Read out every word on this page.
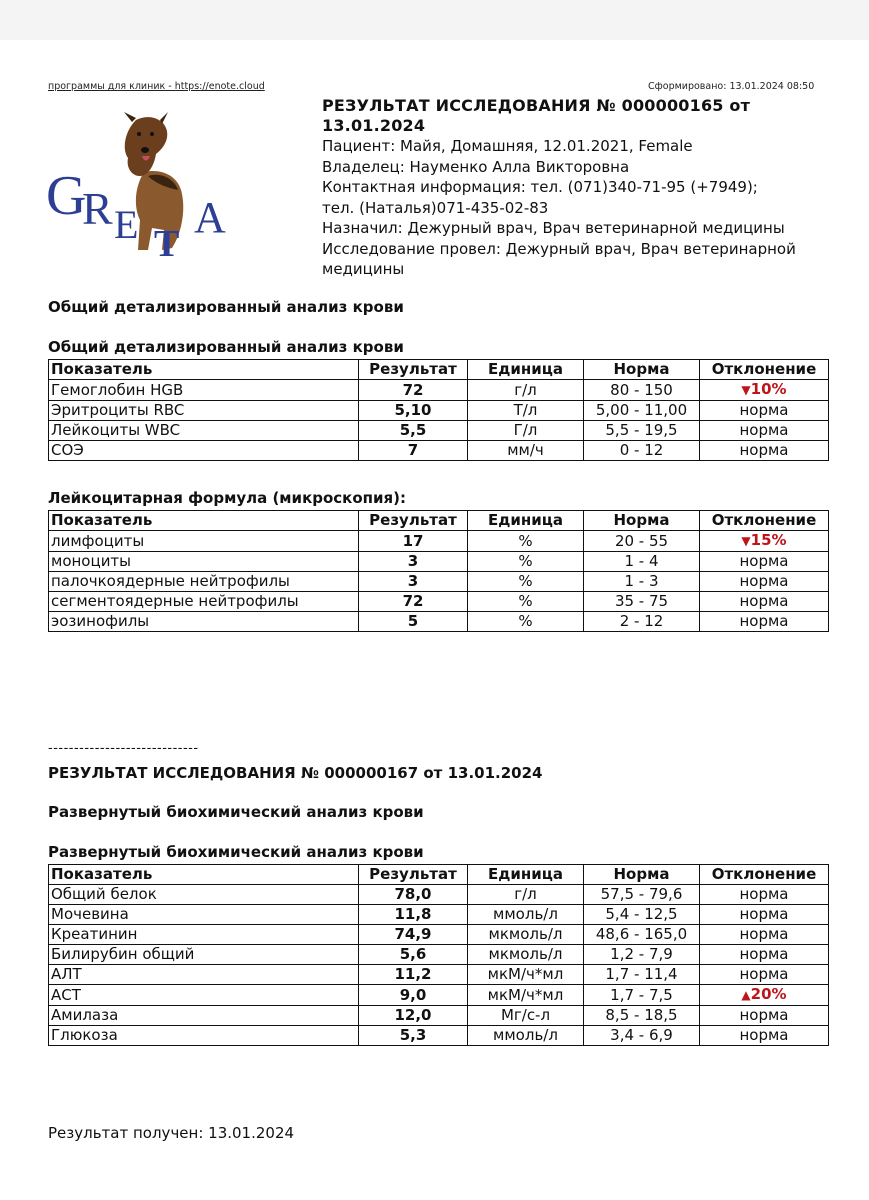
программы для клиник - https://enote.cloud	Сформировано: 13.01.2024 08:50
G
R E T
A
РЕЗУЛЬТАТ ИССЛЕДОВАНИЯ № 000000165 от 13.01.2024
Пациент: Майя, Домашняя, 12.01.2021, Female
Владелец: Науменко Алла Викторовна
Контактная информация: тел. (071)340-71-95 (+7949);
тел. (Наталья)071-435-02-83
Назначил: Дежурный врач, Врач ветеринарной медицины
Исследование провел: Дежурный врач, Врач ветеринарной медицины
Общий детализированный анализ крови
Общий детализированный анализ крови
Показатель	Результат	Единица	Норма	Отклонение
Гемоглобин HGB	72	г/л	80 - 150	▼ 10%
Эритроциты RBC	5,10	Т/л	5,00 - 11,00	норма
Лейкоциты WBC	5,5	Г/л	5,5 - 19,5	норма
СОЭ	7	мм/ч	0 - 12	норма
Лейкоцитарная формула (микроскопия):
Показатель	Результат	Единица	Норма	Отклонение
лимфоциты	17	%	20 - 55	▼ 15%
моноциты	3	%	1 - 4	норма
палочкоядерные нейтрофилы	3	%	1 - 3	норма
сегментоядерные нейтрофилы	72	%	35 - 75	норма
эозинофилы	5	%	2 - 12	норма
-----------------------------
РЕЗУЛЬТАТ ИССЛЕДОВАНИЯ № 000000167 от 13.01.2024
Развернутый биохимический анализ крови
Развернутый биохимический анализ крови
Показатель	Результат	Единица	Норма	Отклонение
Общий белок	78,0	г/л	57,5 - 79,6	норма
Мочевина	11,8	ммоль/л	5,4 - 12,5	норма
Креатинин	74,9	мкмоль/л	48,6 - 165,0	норма
Билирубин общий	5,6	мкмоль/л	1,2 - 7,9	норма
АЛТ	11,2	мкМ/ч*мл	1,7 - 11,4	норма
АСТ	9,0	мкМ/ч*мл	1,7 - 7,5	▲ 20%
Амилаза	12,0	Мг/с-л	8,5 - 18,5	норма
Глюкоза	5,3	ммоль/л	3,4 - 6,9	норма
Результат получен: 13.01.2024
